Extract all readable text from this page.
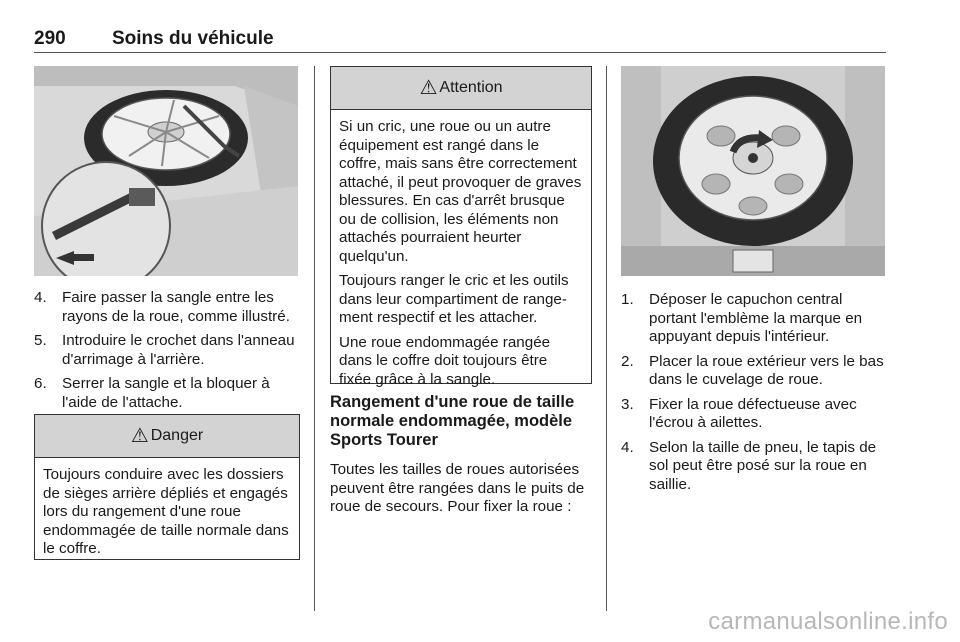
290 Soins du véhicule
4. Faire passer la sangle entre les rayons de la roue, comme illustré.
5. Introduire le crochet dans l'anneau d'arrimage à l'arrière.
6. Serrer la sangle et la bloquer à l'aide de l'attache.
⚠ Danger

Toujours conduire avec les dossiers de sièges arrière dépliés et engagés lors du rangement d'une roue endommagée de taille normale dans le coffre.

⚠ Attention

Si un cric, une roue ou un autre équipement est rangé dans le coffre, mais sans être correctement attaché, il peut provoquer de graves blessures. En cas d'arrêt brusque ou de collision, les éléments non attachés pourraient heurter quelqu'un.

Toujours ranger le cric et les outils dans leur compartiment de rangement respectif et les attacher.

Une roue endommagée rangée dans le coffre doit toujours être fixée grâce à la sangle.

Rangement d'une roue de taille normale endommagée, modèle Sports Tourer

Toutes les tailles de roues autorisées peuvent être rangées dans le puits de roue de secours. Pour fixer la roue :

1. Déposer le capuchon central portant l'emblème la marque en appuyant depuis l'intérieur.
2. Placer la roue extérieur vers le bas dans le cuvelage de roue.
3. Fixer la roue défectueuse avec l'écrou à ailettes.
4. Selon la taille de pneu, le tapis de sol peut être posé sur la roue en saillie.
carmanualsonline.info
